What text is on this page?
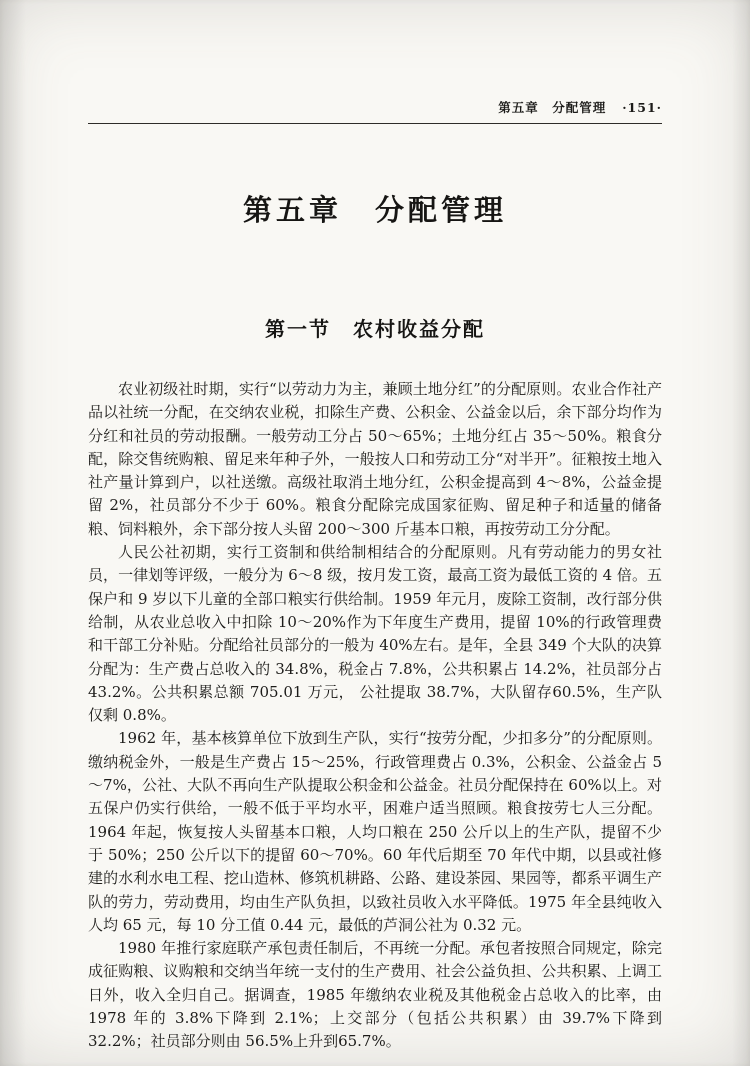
第五章　分配管理 ·151·
第五章　分配管理
第一节　农村收益分配

农业初级社时期，实行“以劳动力为主，兼顾土地分红”的分配原则。农业合作社产品以社统一分配，在交纳农业税，扣除生产费、公积金、公益金以后，余下部分均作为分红和社员的劳动报酬。一般劳动工分占 50～65%；土地分红占 35～50%。粮食分配，除交售统购粮、留足来年种子外，一般按人口和劳动工分“对半开”。征粮按土地入社产量计算到户，以社送缴。高级社取消土地分红，公积金提高到 4～8%，公益金提留 2%，社员部分不少于 60%。粮食分配除完成国家征购、留足种子和适量的储备粮、饲料粮外，余下部分按人头留 200～300 斤基本口粮，再按劳动工分分配。

人民公社初期，实行工资制和供给制相结合的分配原则。凡有劳动能力的男女社员，一律划等评级，一般分为 6～8 级，按月发工资，最高工资为最低工资的 4 倍。五保户和 9 岁以下儿童的全部口粮实行供给制。1959 年元月，废除工资制，改行部分供给制，从农业总收入中扣除 10～20%作为下年度生产费用，提留 10%的行政管理费和干部工分补贴。分配给社员部分的一般为 40%左右。是年，全县 349 个大队的决算分配为：生产费占总收入的 34.8%，税金占 7.8%，公共积累占 14.2%，社员部分占 43.2%。公共积累总额 705.01 万元， 公社提取 38.7%，大队留存60.5%，生产队仅剩 0.8%。

1962 年，基本核算单位下放到生产队，实行“按劳分配，少扣多分”的分配原则。缴纳税金外，一般是生产费占 15～25%，行政管理费占 0.3%，公积金、公益金占 5～7%，公社、大队不再向生产队提取公积金和公益金。社员分配保持在 60%以上。对五保户仍实行供给，一般不低于平均水平，困难户适当照顾。粮食按劳七人三分配。1964 年起，恢复按人头留基本口粮，人均口粮在 250 公斤以上的生产队，提留不少于 50%；250 公斤以下的提留 60～70%。60 年代后期至 70 年代中期，以县或社修建的水利水电工程、挖山造林、修筑机耕路、公路、建设茶园、果园等，都系平调生产队的劳力，劳动费用，均由生产队负担，以致社员收入水平降低。1975 年全县纯收入人均 65 元，每 10 分工值 0.44 元，最低的芦洞公社为 0.32 元。

1980 年推行家庭联产承包责任制后，不再统一分配。承包者按照合同规定，除完成征购粮、议购粮和交纳当年统一支付的生产费用、社会公益负担、公共积累、上调工日外，收入全归自己。据调查，1985 年缴纳农业税及其他税金占总收入的比率，由 1978 年的 3.8%下降到 2.1%；上交部分（包括公共积累）由 39.7%下降到 32.2%；社员部分则由 56.5%上升到65.7%。
